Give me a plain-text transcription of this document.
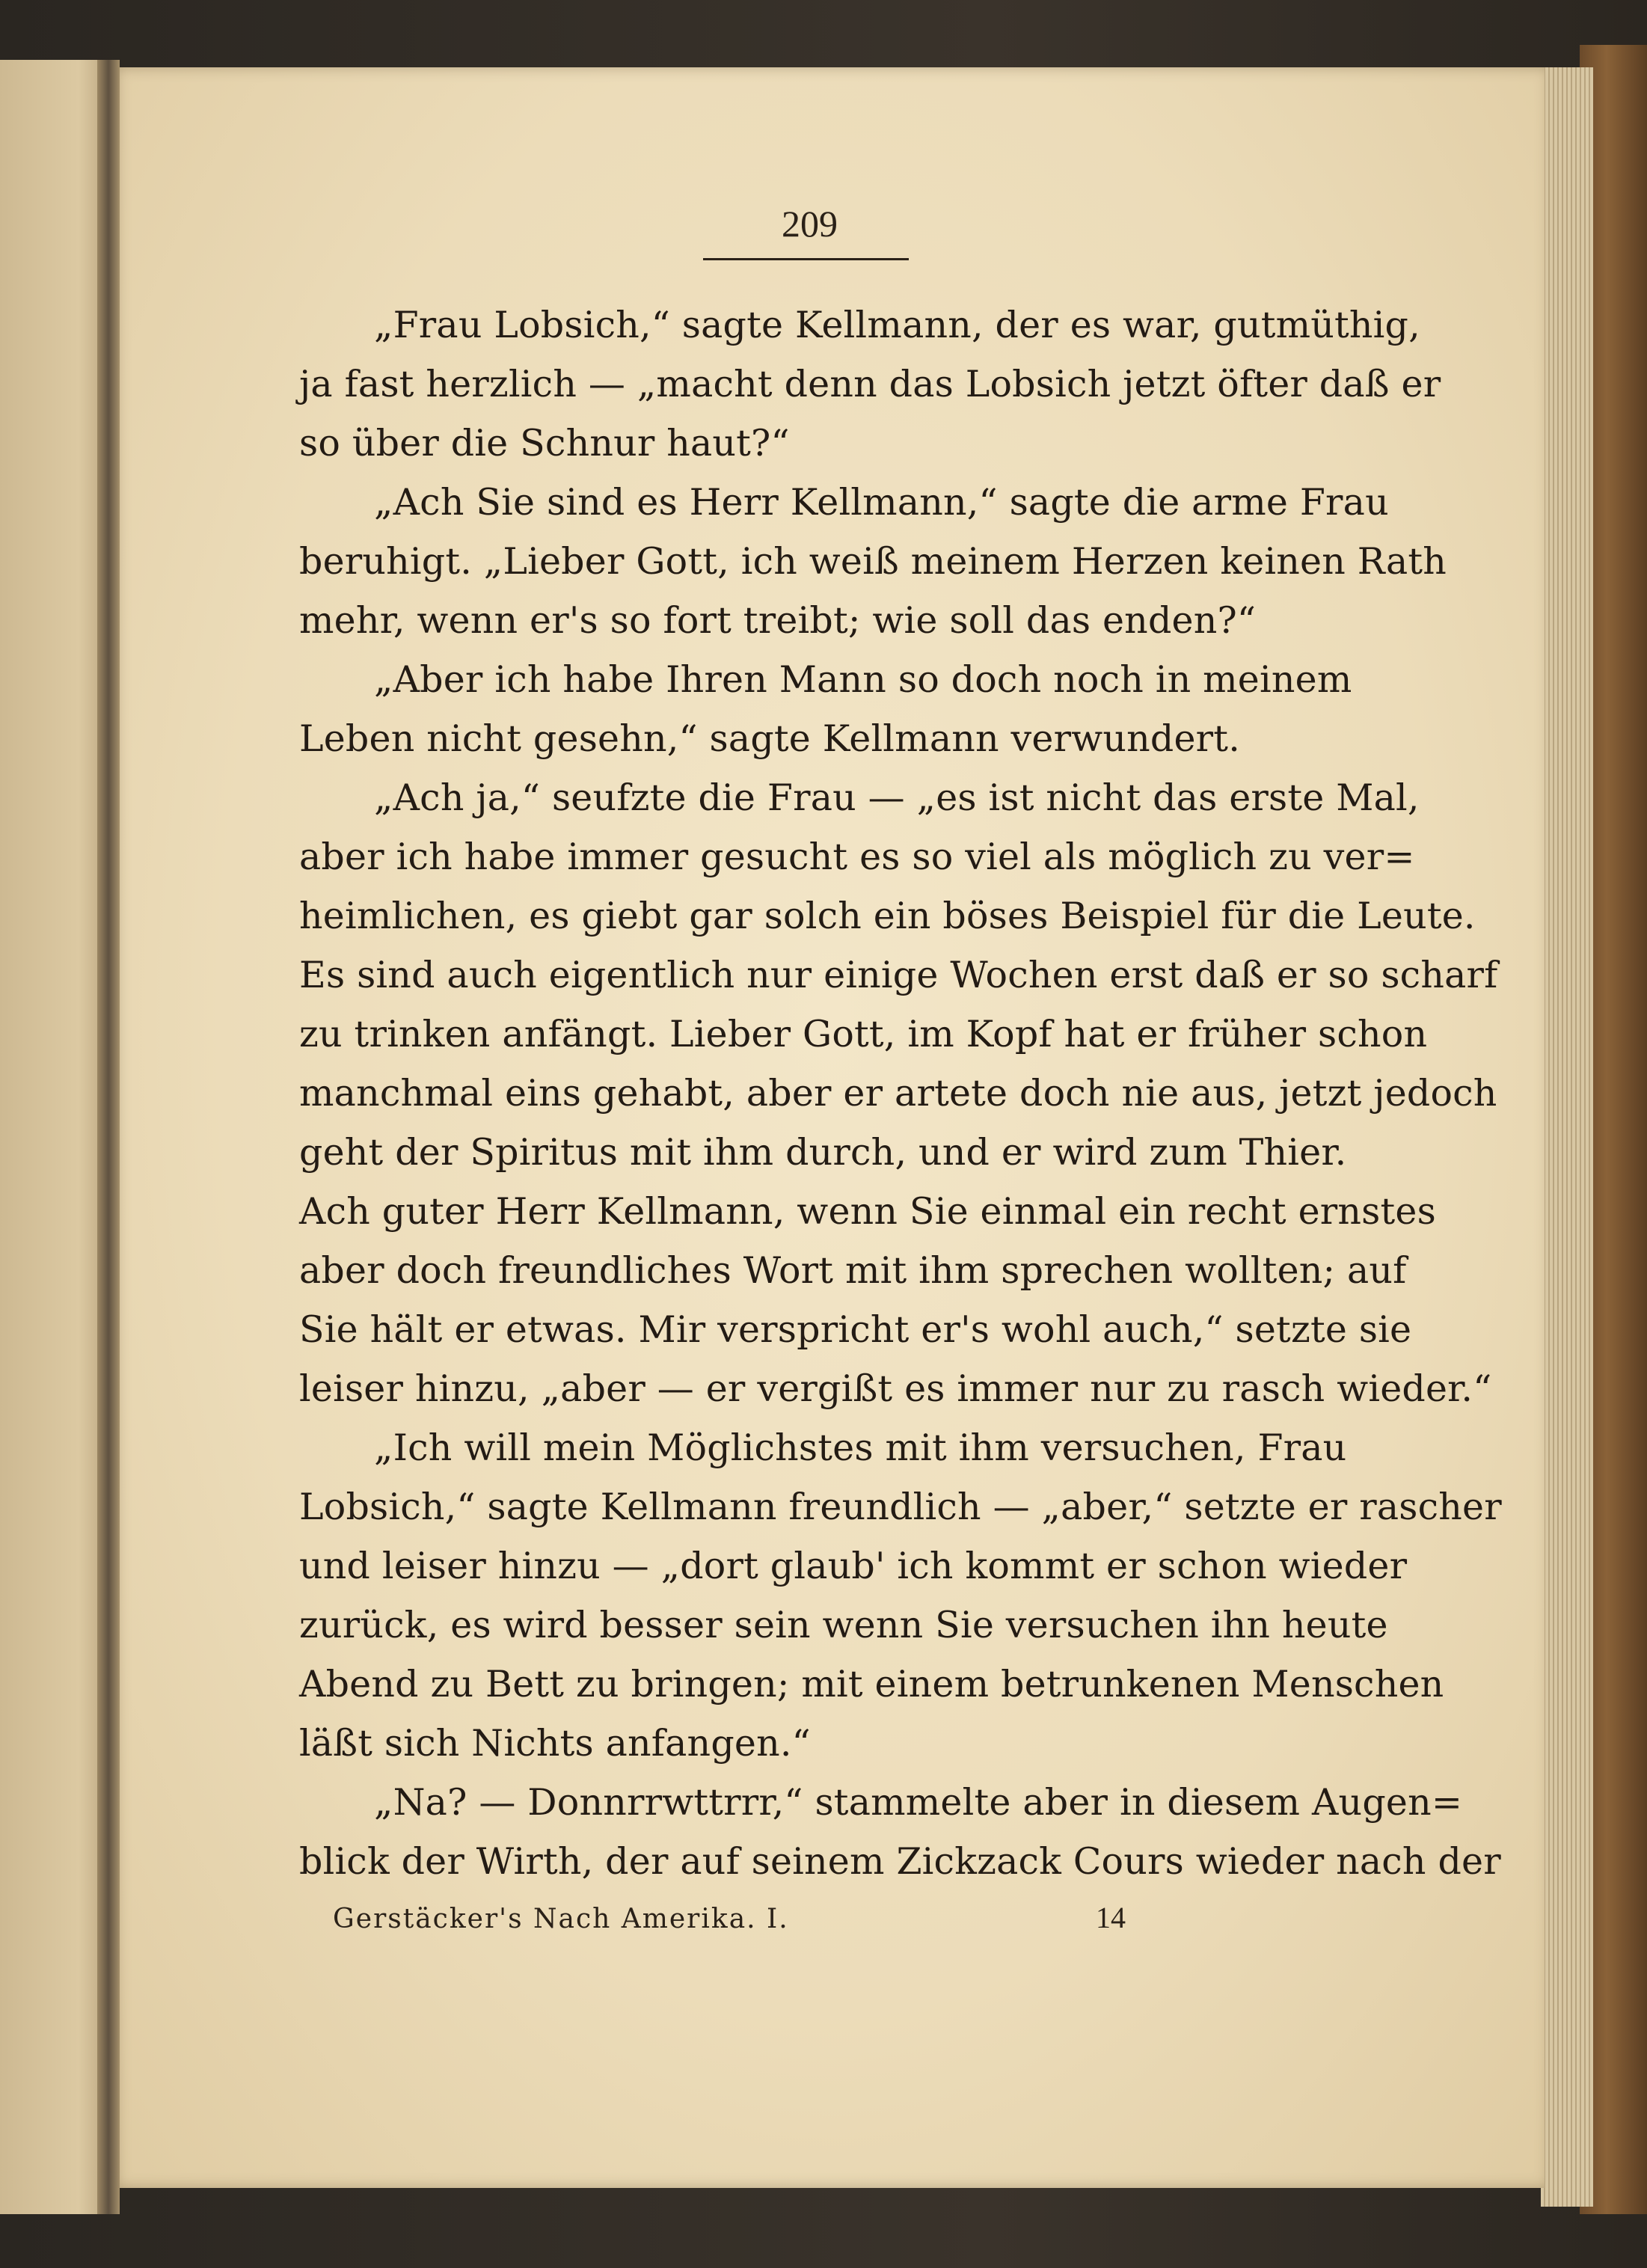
209
„Frau Lobsich,“ sagte Kellmann, der es war, gutmüthig,
ja fast herzlich — „macht denn das Lobsich jetzt öfter daß er
so über die Schnur haut?“
„Ach Sie sind es Herr Kellmann,“ sagte die arme Frau
beruhigt. „Lieber Gott, ich weiß meinem Herzen keinen Rath
mehr, wenn er's so fort treibt; wie soll das enden?“
„Aber ich habe Ihren Mann so doch noch in meinem
Leben nicht gesehn,“ sagte Kellmann verwundert.
„Ach ja,“ seufzte die Frau — „es ist nicht das erste Mal,
aber ich habe immer gesucht es so viel als möglich zu ver=
heimlichen, es giebt gar solch ein böses Beispiel für die Leute.
Es sind auch eigentlich nur einige Wochen erst daß er so scharf
zu trinken anfängt. Lieber Gott, im Kopf hat er früher schon
manchmal eins gehabt, aber er artete doch nie aus, jetzt jedoch
geht der Spiritus mit ihm durch, und er wird zum Thier.
Ach guter Herr Kellmann, wenn Sie einmal ein recht ernstes
aber doch freundliches Wort mit ihm sprechen wollten; auf
Sie hält er etwas. Mir verspricht er's wohl auch,“ setzte sie
leiser hinzu, „aber — er vergißt es immer nur zu rasch wieder.“
„Ich will mein Möglichstes mit ihm versuchen, Frau
Lobsich,“ sagte Kellmann freundlich — „aber,“ setzte er rascher
und leiser hinzu — „dort glaub' ich kommt er schon wieder
zurück, es wird besser sein wenn Sie versuchen ihn heute
Abend zu Bett zu bringen; mit einem betrunkenen Menschen
läßt sich Nichts anfangen.“
„Na? — Donnrrwttrrr,“ stammelte aber in diesem Augen=
blick der Wirth, der auf seinem Zickzack Cours wieder nach der
Gerstäcker's Nach Amerika. I.	14
